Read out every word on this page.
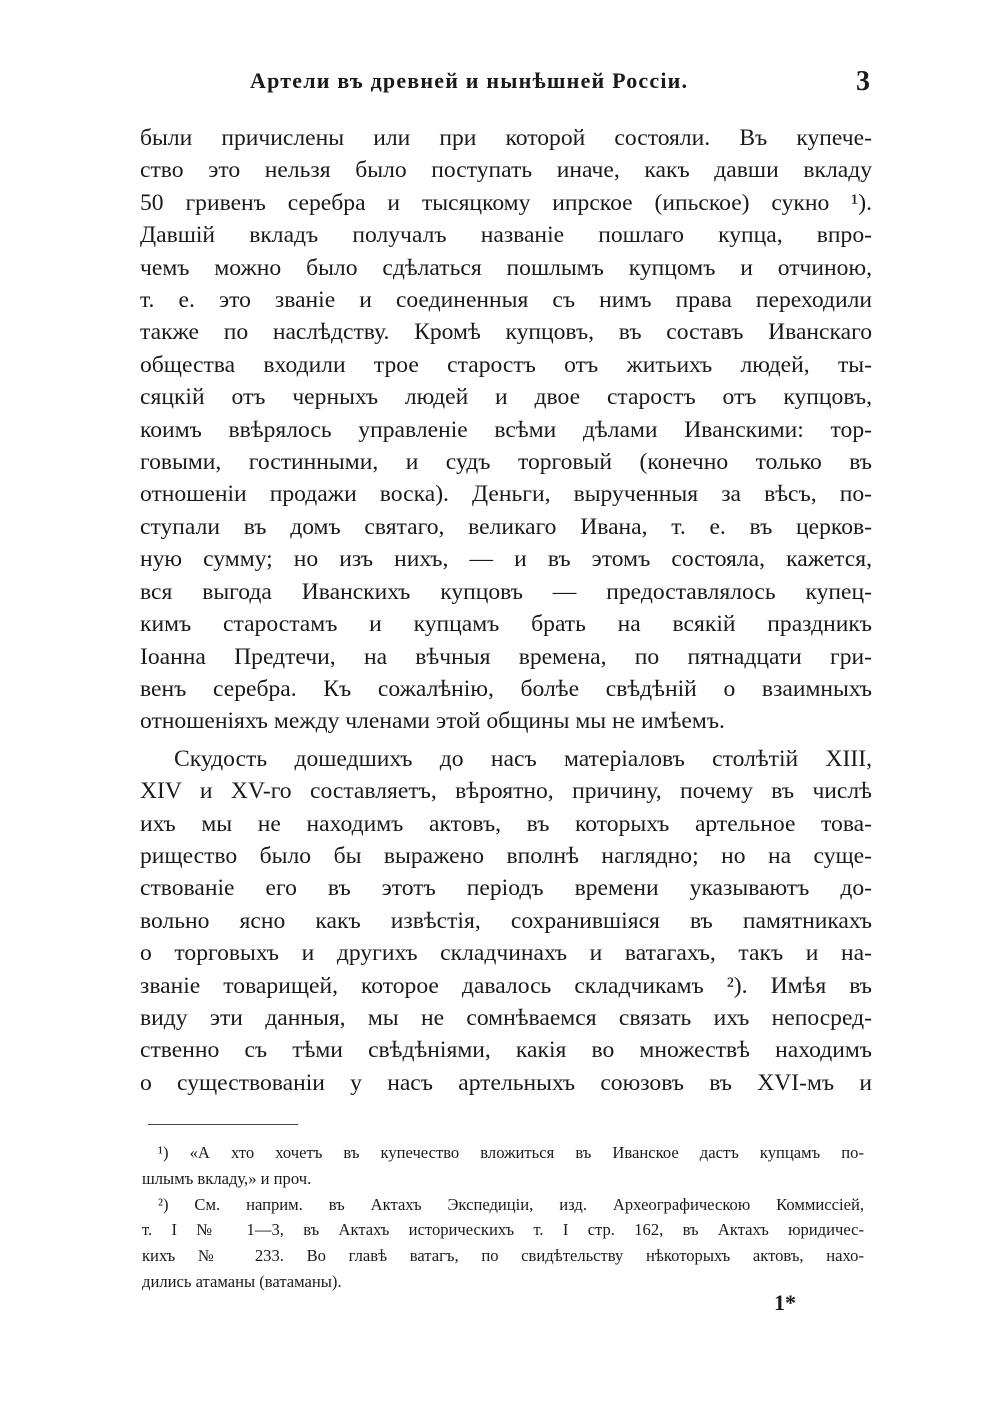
Артели въ древней и нынѣшней Россіи.	3
были причислены или при которой состояли. Въ купече-
ство это нельзя было поступать иначе, какъ давши вкладу
50 гривенъ серебра и тысяцкому ипрское (ипьское) сукно ¹).
Давшій вкладъ получалъ названіе пошлаго купца, впро-
чемъ можно было сдѣлаться пошлымъ купцомъ и отчиною,
т. е. это званіе и соединенныя съ нимъ права переходили
также по наслѣдству. Кромѣ купцовъ, въ составъ Иванскаго
общества входили трое старостъ отъ житьихъ людей, ты-
сяцкій отъ черныхъ людей и двое старостъ отъ купцовъ,
коимъ ввѣрялось управленіе всѣми дѣлами Иванскими: тор-
говыми, гостинными, и судъ торговый (конечно только въ
отношеніи продажи воска). Деньги, вырученныя за вѣсъ, по-
ступали въ домъ святаго, великаго Ивана, т. е. въ церков-
ную сумму; но изъ нихъ, — и въ этомъ состояла, кажется,
вся выгода Иванскихъ купцовъ — предоставлялось купец-
кимъ старостамъ и купцамъ брать на всякій праздникъ
Іоанна Предтечи, на вѣчныя времена, по пятнадцати гри-
венъ серебра. Къ сожалѣнію, болѣе свѣдѣній о взаимныхъ
отношеніяхъ между членами этой общины мы не имѣемъ.
Скудость дошедшихъ до насъ матеріаловъ столѣтій XIII,
XIV и XV-го составляетъ, вѣроятно, причину, почему въ числѣ
ихъ мы не находимъ актовъ, въ которыхъ артельное това-
рищество было бы выражено вполнѣ наглядно; но на суще-
ствованіе его въ этотъ періодъ времени указываютъ до-
вольно ясно какъ извѣстія, сохранившіяся въ памятникахъ
о торговыхъ и другихъ складчинахъ и ватагахъ, такъ и на-
званіе товарищей, которое давалось складчикамъ ²). Имѣя въ
виду эти данныя, мы не сомнѣваемся связать ихъ непосред-
ственно съ тѣми свѣдѣніями, какія во множествѣ находимъ
о существованіи у насъ артельныхъ союзовъ въ XVI-мъ и
¹) «А хто хочетъ въ купечество вложиться въ Иванское дастъ купцамъ по-
шлымъ вкладу,» и проч.
²) См. наприм. въ Актахъ Экспедиціи, изд. Археографическою Коммиссіей,
т. I № 1—3, въ Актахъ историческихъ т. I стр. 162, въ Актахъ юридичес-
кихъ № 233. Во главѣ ватагъ, по свидѣтельству нѣкоторыхъ актовъ, нахо-
дились атаманы (ватаманы).
1*
